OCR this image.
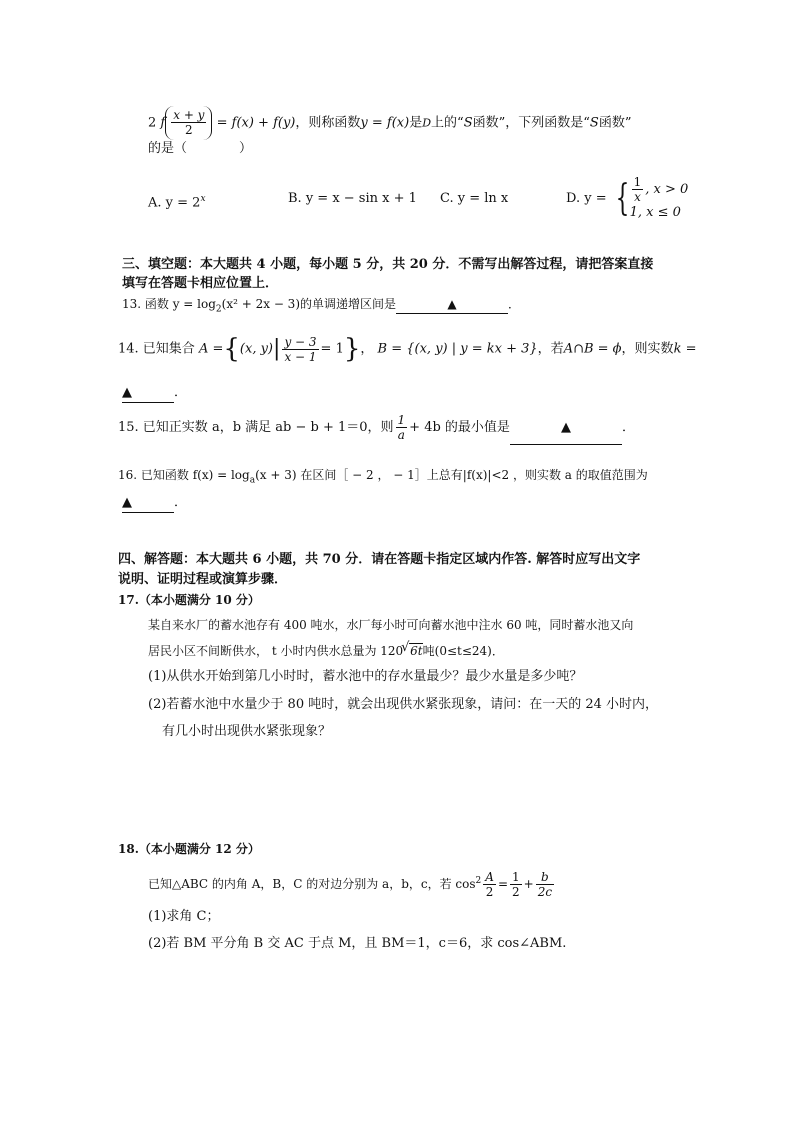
2 f $\frac{x + y}{2} = f(x) + f(y)$，则称函数y = f(x)是D上的“S函数”，下列函数是“S函数”
的是（　　　　）
A. $y = 2^x$	B. y = x − sin x + 1 C. y = ln x	D. y = { $\frac{1}{x}$ , x > 0
1, x ≤ 0
三、填空题：本大题共 4 小题，每小题 5 分，共 20 分．不需写出解答过程，请把答案直接
填写在答题卡相应位置上．
13. 函数 $y = \log_2(x^2 + 2x - 3)$的单调递增区间是	▲	．
14. 已知集合 A ={(x, $y)| \frac{y - 3}{x - 1} = 1$}， B = {(x, y) | y = kx + 3}，若A∩B = ϕ，则实数k =
▲	．
15. 已知正实数 a，b 满足 ab − b + 1＝0，则 $\frac{1}{a} + 4b$ 的最小值是	▲	．
16. 已知函数 $f(x) = \log_a(x + 3)$ 在区间［ − 2 ， − 1］上总有|f(x)|<2 ，则实数 a 的取值范围为
▲	．
四、解答题：本大题共 6 小题，共 70 分．请在答题卡指定区域内作答. 解答时应写出文字
说明、证明过程或演算步骤．
17.（本小题满分 10 分）
某自来水厂的蓄水池存有 400 吨水，水厂每小时可向蓄水池中注水 60 吨，同时蓄水池又向
居民小区不间断供水， t 小时内供水总量为 120√ 6t吨(0≤t≤24)．
(1)从供水开始到第几小时时，蓄水池中的存水量最少？最少水量是多少吨？
(2)若蓄水池中水量少于 80 吨时，就会出现供水紧张现象，请问：在一天的 24 小时内，
有几小时出现供水紧张现象？
18.（本小题满分 12 分）
已知△ABC 的内角 A，B，C 的对边分别为 a，b，c，若 $\cos^2 \frac{A}{2} = \frac{1}{2} + \frac{b}{2c}$
(1)求角 C；
(2)若 BM 平分角 B 交 AC 于点 M，且 BM＝1，c＝6，求 cos∠ABM.
